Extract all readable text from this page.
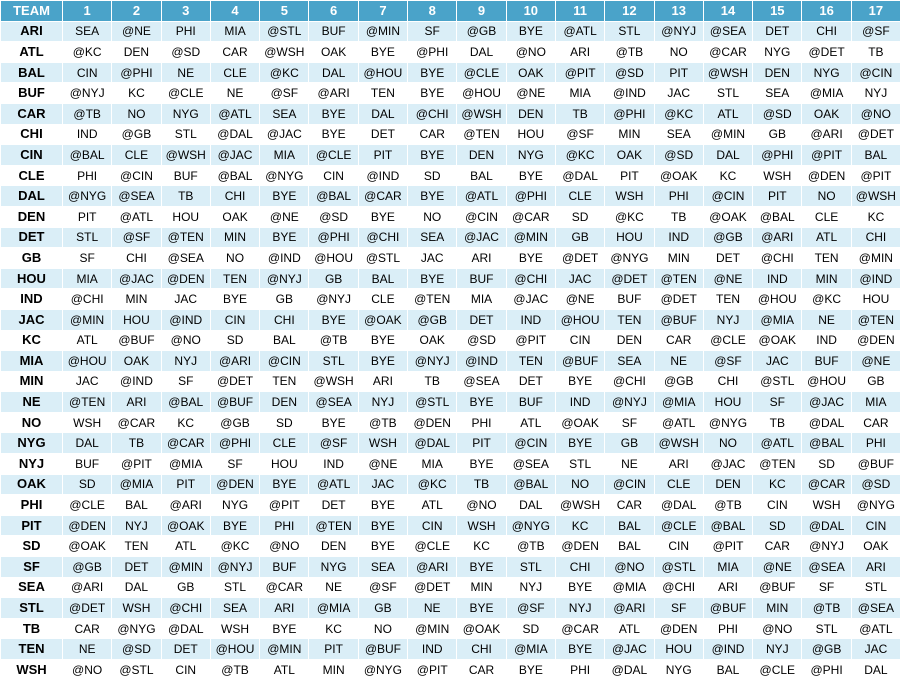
TEAM	1	2	3	4	5	6	7	8	9	10	11	12	13	14	15	16	17	
ARI	SEA	@NE	PHI	MIA	@STL	BUF	@MIN	SF	@GB	BYE	@ATL	STL	@NYJ	@SEA	DET	CHI	@SF	
ATL	@KC	DEN	@SD	CAR	@WSH	OAK	BYE	@PHI	DAL	@NO	ARI	@TB	NO	@CAR	NYG	@DET	TB	
BAL	CIN	@PHI	NE	CLE	@KC	DAL	@HOU	BYE	@CLE	OAK	@PIT	@SD	PIT	@WSH	DEN	NYG	@CIN	
BUF	@NYJ	KC	@CLE	NE	@SF	@ARI	TEN	BYE	@HOU	@NE	MIA	@IND	JAC	STL	SEA	@MIA	NYJ	
CAR	@TB	NO	NYG	@ATL	SEA	BYE	DAL	@CHI	@WSH	DEN	TB	@PHI	@KC	ATL	@SD	OAK	@NO	
CHI	IND	@GB	STL	@DAL	@JAC	BYE	DET	CAR	@TEN	HOU	@SF	MIN	SEA	@MIN	GB	@ARI	@DET	
CIN	@BAL	CLE	@WSH	@JAC	MIA	@CLE	PIT	BYE	DEN	NYG	@KC	OAK	@SD	DAL	@PHI	@PIT	BAL	
CLE	PHI	@CIN	BUF	@BAL	@NYG	CIN	@IND	SD	BAL	BYE	@DAL	PIT	@OAK	KC	WSH	@DEN	@PIT	
DAL	@NYG	@SEA	TB	CHI	BYE	@BAL	@CAR	BYE	@ATL	@PHI	CLE	WSH	PHI	@CIN	PIT	NO	@WSH	
DEN	PIT	@ATL	HOU	OAK	@NE	@SD	BYE	NO	@CIN	@CAR	SD	@KC	TB	@OAK	@BAL	CLE	KC	
DET	STL	@SF	@TEN	MIN	BYE	@PHI	@CHI	SEA	@JAC	@MIN	GB	HOU	IND	@GB	@ARI	ATL	CHI	
GB	SF	CHI	@SEA	NO	@IND	@HOU	@STL	JAC	ARI	BYE	@DET	@NYG	MIN	DET	@CHI	TEN	@MIN	
HOU	MIA	@JAC	@DEN	TEN	@NYJ	GB	BAL	BYE	BUF	@CHI	JAC	@DET	@TEN	@NE	IND	MIN	@IND	
IND	@CHI	MIN	JAC	BYE	GB	@NYJ	CLE	@TEN	MIA	@JAC	@NE	BUF	@DET	TEN	@HOU	@KC	HOU	
JAC	@MIN	HOU	@IND	CIN	CHI	BYE	@OAK	@GB	DET	IND	@HOU	TEN	@BUF	NYJ	@MIA	NE	@TEN	
KC	ATL	@BUF	@NO	SD	BAL	@TB	BYE	OAK	@SD	@PIT	CIN	DEN	CAR	@CLE	@OAK	IND	@DEN	
MIA	@HOU	OAK	NYJ	@ARI	@CIN	STL	BYE	@NYJ	@IND	TEN	@BUF	SEA	NE	@SF	JAC	BUF	@NE	
MIN	JAC	@IND	SF	@DET	TEN	@WSH	ARI	TB	@SEA	DET	BYE	@CHI	@GB	CHI	@STL	@HOU	GB	
NE	@TEN	ARI	@BAL	@BUF	DEN	@SEA	NYJ	@STL	BYE	BUF	IND	@NYJ	@MIA	HOU	SF	@JAC	MIA	
NO	WSH	@CAR	KC	@GB	SD	BYE	@TB	@DEN	PHI	ATL	@OAK	SF	@ATL	@NYG	TB	@DAL	CAR	
NYG	DAL	TB	@CAR	@PHI	CLE	@SF	WSH	@DAL	PIT	@CIN	BYE	GB	@WSH	NO	@ATL	@BAL	PHI	
NYJ	BUF	@PIT	@MIA	SF	HOU	IND	@NE	MIA	BYE	@SEA	STL	NE	ARI	@JAC	@TEN	SD	@BUF	
OAK	SD	@MIA	PIT	@DEN	BYE	@ATL	JAC	@KC	TB	@BAL	NO	@CIN	CLE	DEN	KC	@CAR	@SD	
PHI	@CLE	BAL	@ARI	NYG	@PIT	DET	BYE	ATL	@NO	DAL	@WSH	CAR	@DAL	@TB	CIN	WSH	@NYG	
PIT	@DEN	NYJ	@OAK	BYE	PHI	@TEN	BYE	CIN	WSH	@NYG	KC	BAL	@CLE	@BAL	SD	@DAL	CIN	
SD	@OAK	TEN	ATL	@KC	@NO	DEN	BYE	@CLE	KC	@TB	@DEN	BAL	CIN	@PIT	CAR	@NYJ	OAK	
SF	@GB	DET	@MIN	@NYJ	BUF	NYG	SEA	@ARI	BYE	STL	CHI	@NO	@STL	MIA	@NE	@SEA	ARI	
SEA	@ARI	DAL	GB	STL	@CAR	NE	@SF	@DET	MIN	NYJ	BYE	@MIA	@CHI	ARI	@BUF	SF	STL	
STL	@DET	WSH	@CHI	SEA	ARI	@MIA	GB	NE	BYE	@SF	NYJ	@ARI	SF	@BUF	MIN	@TB	@SEA	
TB	CAR	@NYG	@DAL	WSH	BYE	KC	NO	@MIN	@OAK	SD	@CAR	ATL	@DEN	PHI	@NO	STL	@ATL	
TEN	NE	@SD	DET	@HOU	@MIN	PIT	@BUF	IND	CHI	@MIA	BYE	@JAC	HOU	@IND	NYJ	@GB	JAC	
WSH	@NO	@STL	CIN	@TB	ATL	MIN	@NYG	@PIT	CAR	BYE	PHI	@DAL	NYG	BAL	@CLE	@PHI	DAL	
